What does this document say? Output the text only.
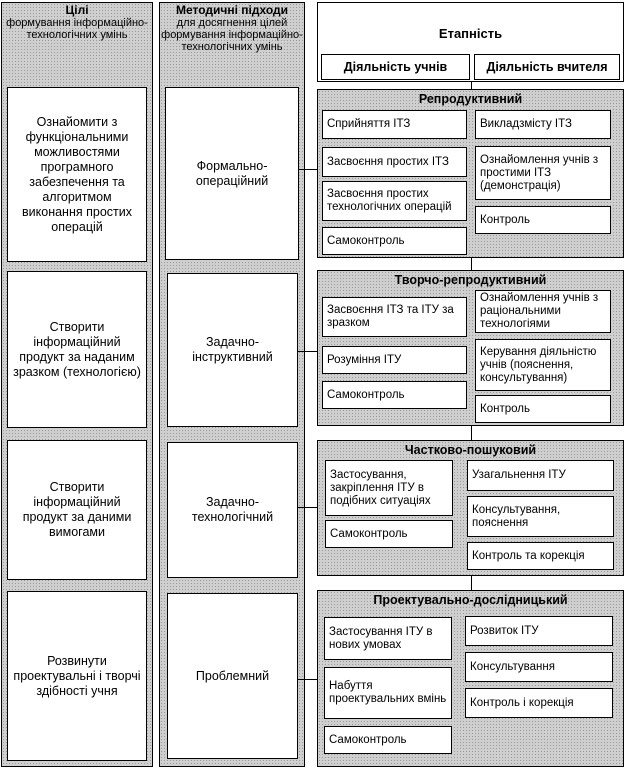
Цілі
формування інформаційно-технологічних умінь
Ознайомити з функціональними можливостями програмного забезпечення та алгоритмом виконання простих операцій
Створити інформаційний продукт за наданим зразком (технологією)
Створити інформаційний продукт за даними вимогами
Розвинути проектувальні і творчі здібності учня
Методичні підходи
для досягнення цілей формування інформаційно-технологічних умінь
Формально-операційний
Задачно-інструктивний
Задачно-технологічний
Проблемний
Етапність
Діяльність учнів	Діяльність вчителя
Репродуктивний
Сприйняття ІТЗ
Засвоєння простих ІТЗ
Засвоєння простих технологічних операцій
Самоконтроль
Викладзмісту ІТЗ
Ознайомлення учнів з простими ІТЗ (демонстрація)
Контроль
Творчо-репродуктивний
Засвоєння ІТЗ та ІТУ за зразком
Розуміння ІТУ
Самоконтроль
Ознайомлення учнів з раціональними технологіями
Керування діяльністю учнів (пояснення, консультування)
Контроль
Частково-пошуковий
Застосування, закріплення ІТУ в подібних ситуаціях
Самоконтроль
Узагальнення ІТУ
Консультування, пояснення
Контроль та корекція
Проектувально-дослідницький
Застосування ІТУ в нових умовах
Набуття проектувальних вмінь
Самоконтроль
Розвиток ІТУ
Консультування
Контроль і корекція
